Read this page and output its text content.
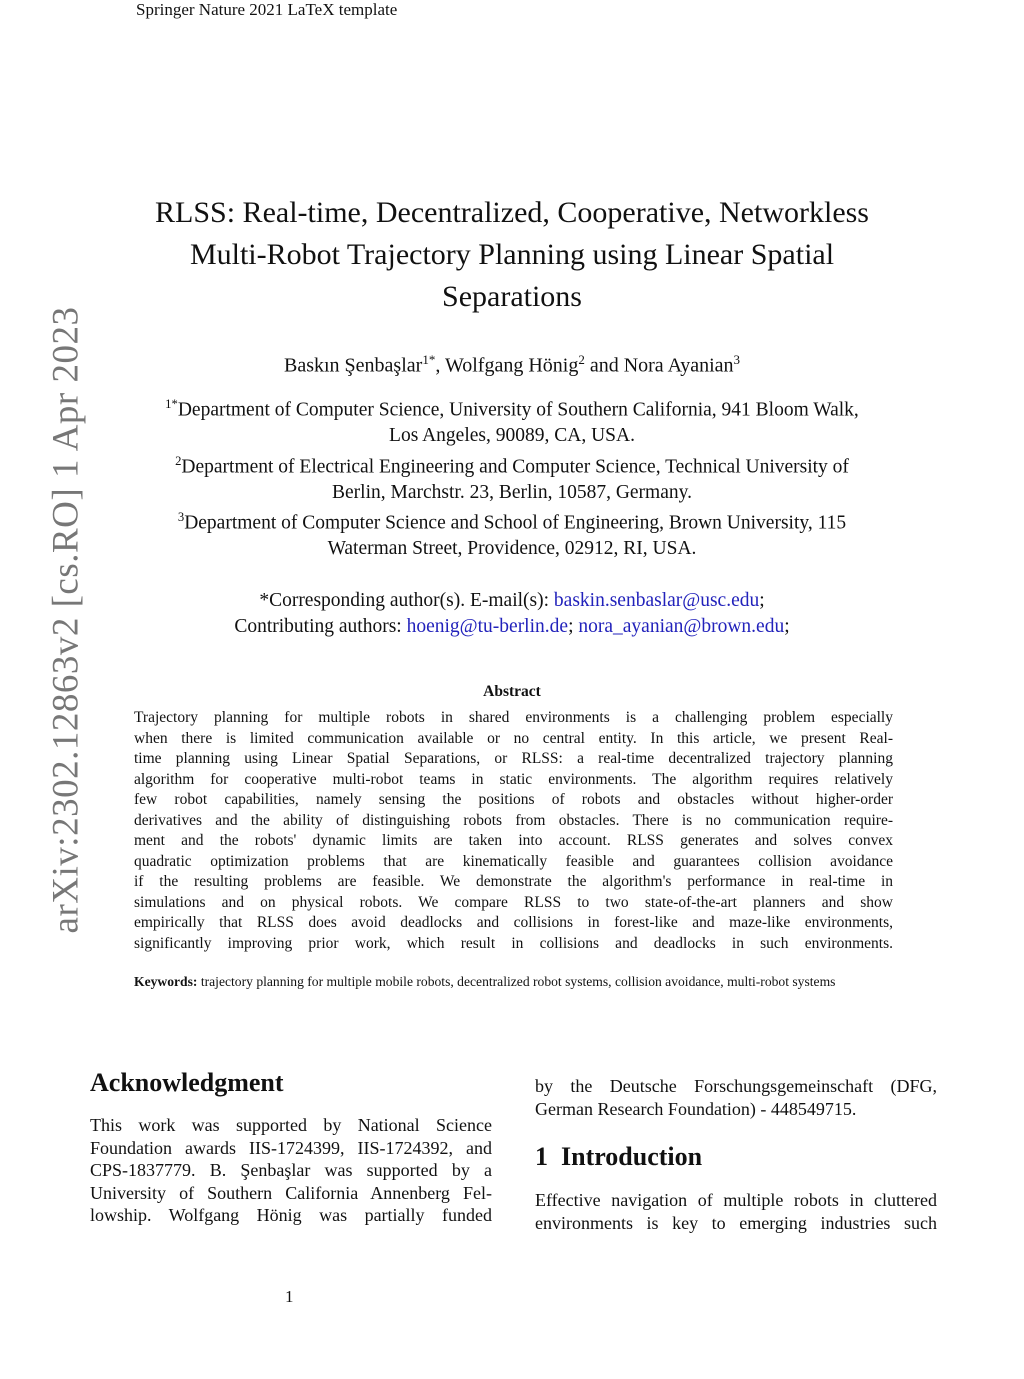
Springer Nature 2021 LaTeX template
arXiv:2302.12863v2 [cs.RO] 1 Apr 2023
RLSS: Real-time, Decentralized, Cooperative, Networkless
Multi-Robot Trajectory Planning using Linear Spatial
Separations
Baskın Şenbaşlar$^{1*}$, Wolfgang Hönig$^2$ and Nora Ayanian$^3$
$^{1*}$Department of Computer Science, University of Southern California, 941 Bloom Walk,
Los Angeles, 90089, CA, USA.
$^2$Department of Electrical Engineering and Computer Science, Technical University of
Berlin, Marchstr. 23, Berlin, 10587, Germany.
$^3$Department of Computer Science and School of Engineering, Brown University, 115
Waterman Street, Providence, 02912, RI, USA.
*Corresponding author(s). E-mail(s): baskin.senbaslar@usc.edu;
Contributing authors: hoenig@tu-berlin.de; nora_ayanian@brown.edu;
Abstract
Trajectory planning for multiple robots in shared environments is a challenging problem especially
when there is limited communication available or no central entity. In this article, we present Real-
time planning using Linear Spatial Separations, or RLSS: a real-time decentralized trajectory planning
algorithm for cooperative multi-robot teams in static environments. The algorithm requires relatively
few robot capabilities, namely sensing the positions of robots and obstacles without higher-order
derivatives and the ability of distinguishing robots from obstacles. There is no communication require-
ment and the robots' dynamic limits are taken into account. RLSS generates and solves convex
quadratic optimization problems that are kinematically feasible and guarantees collision avoidance
if the resulting problems are feasible. We demonstrate the algorithm's performance in real-time in
simulations and on physical robots. We compare RLSS to two state-of-the-art planners and show
empirically that RLSS does avoid deadlocks and collisions in forest-like and maze-like environments,
significantly improving prior work, which result in collisions and deadlocks in such environments.
Keywords: trajectory planning for multiple mobile robots, decentralized robot systems, collision avoidance, multi-robot systems
Acknowledgment
This work was supported by National Science
Foundation awards IIS-1724399, IIS-1724392, and
CPS-1837779. B. Şenbaşlar was supported by a
University of Southern California Annenberg Fel-
lowship. Wolfgang Hönig was partially funded
by the Deutsche Forschungsgemeinschaft (DFG,
German Research Foundation) - 448549715.
1 Introduction
Effective navigation of multiple robots in cluttered
environments is key to emerging industries such
1
